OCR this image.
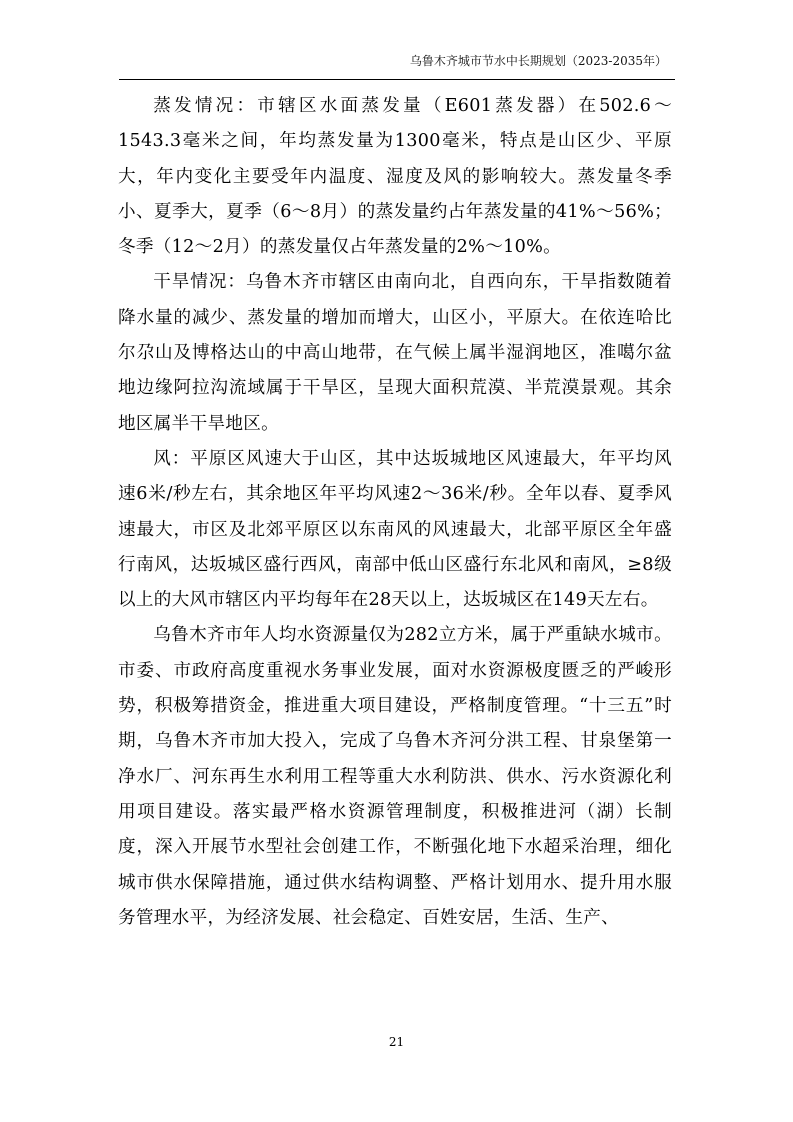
乌鲁木齐城市节水中长期规划（2023-2035年）

蒸发情况：市辖区水面蒸发量（E601蒸发器）在502.6～1543.3毫米之间，年均蒸发量为1300毫米，特点是山区少、平原大，年内变化主要受年内温度、湿度及风的影响较大。蒸发量冬季小、夏季大，夏季（6～8月）的蒸发量约占年蒸发量的41%～56%；冬季（12～2月）的蒸发量仅占年蒸发量的2%～10%。

干旱情况：乌鲁木齐市辖区由南向北，自西向东，干旱指数随着降水量的减少、蒸发量的增加而增大，山区小，平原大。在依连哈比尔尕山及博格达山的中高山地带，在气候上属半湿润地区，准噶尔盆地边缘阿拉沟流域属于干旱区，呈现大面积荒漠、半荒漠景观。其余地区属半干旱地区。

风：平原区风速大于山区，其中达坂城地区风速最大，年平均风速6米/秒左右，其余地区年平均风速2～36米/秒。全年以春、夏季风速最大，市区及北郊平原区以东南风的风速最大，北部平原区全年盛行南风，达坂城区盛行西风，南部中低山区盛行东北风和南风，≥8级以上的大风市辖区内平均每年在28天以上，达坂城区在149天左右。

乌鲁木齐市年人均水资源量仅为282立方米，属于严重缺水城市。市委、市政府高度重视水务事业发展，面对水资源极度匮乏的严峻形势，积极筹措资金，推进重大项目建设，严格制度管理。“十三五”时期，乌鲁木齐市加大投入，完成了乌鲁木齐河分洪工程、甘泉堡第一净水厂、河东再生水利用工程等重大水利防洪、供水、污水资源化利用项目建设。落实最严格水资源管理制度，积极推进河（湖）长制度，深入开展节水型社会创建工作，不断强化地下水超采治理，细化城市供水保障措施，通过供水结构调整、严格计划用水、提升用水服务管理水平，为经济发展、社会稳定、百姓安居，生活、生产、

21
